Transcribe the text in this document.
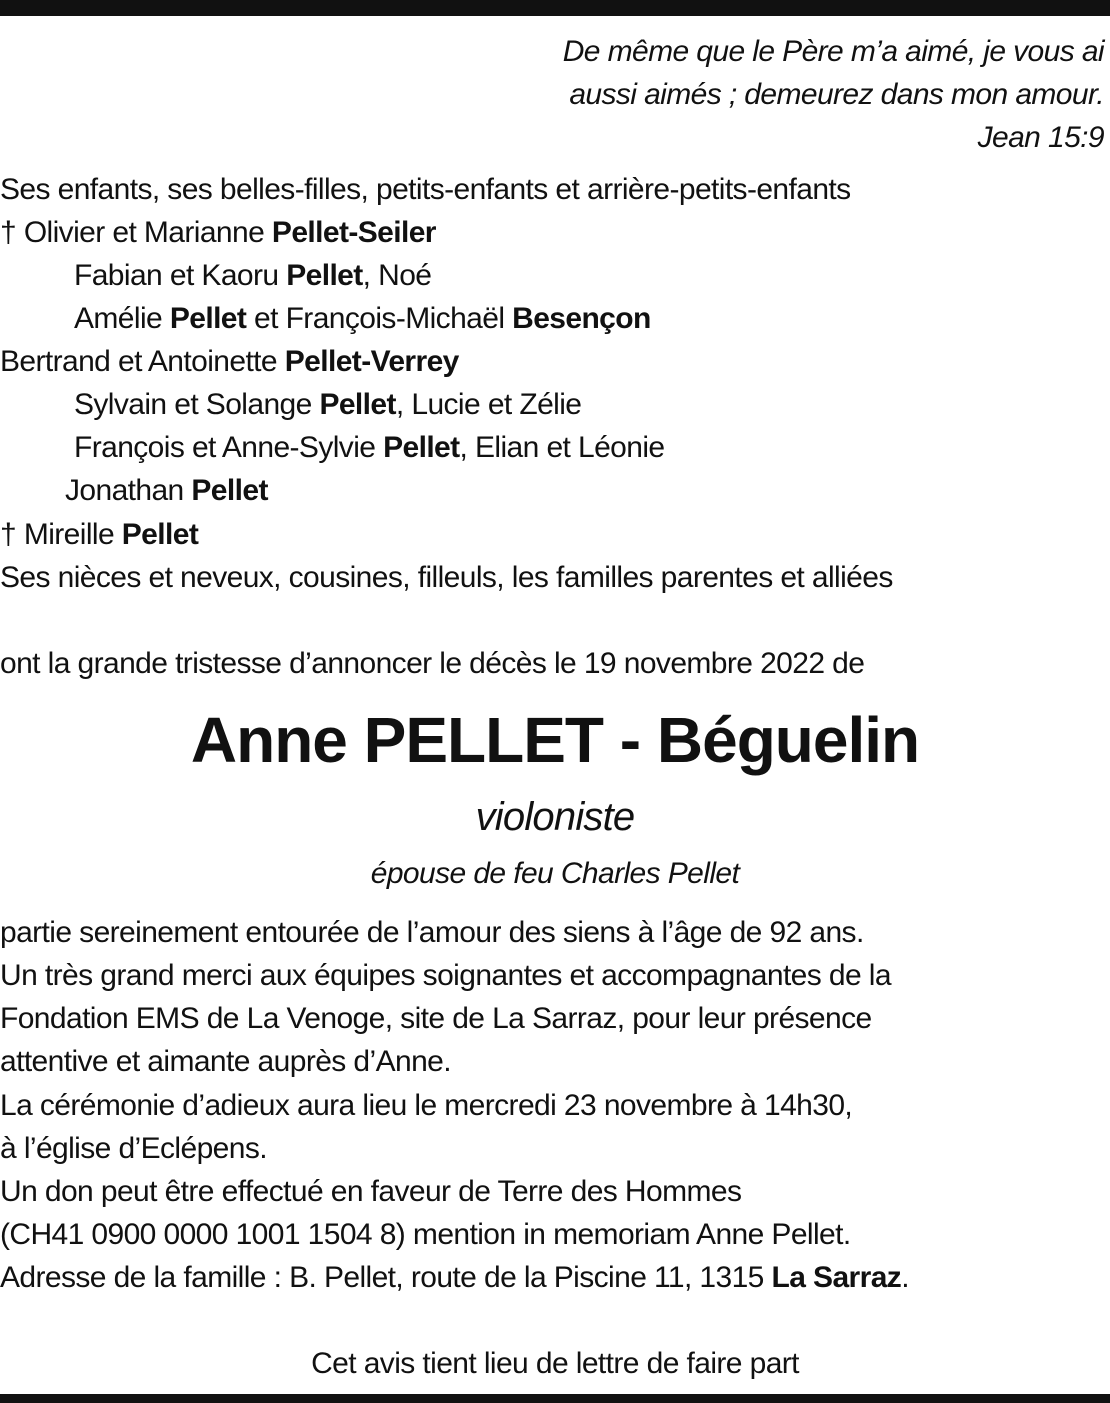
De même que le Père m’a aimé, je vous ai
aussi aimés ; demeurez dans mon amour.
Jean 15:9
Ses enfants, ses belles-filles, petits-enfants et arrière-petits-enfants
† Olivier et Marianne Pellet-Seiler
Fabian et Kaoru Pellet, Noé
Amélie Pellet et François-Michaël Besençon
Bertrand et Antoinette Pellet-Verrey
Sylvain et Solange Pellet, Lucie et Zélie
François et Anne-Sylvie Pellet, Elian et Léonie
Jonathan Pellet
† Mireille Pellet
Ses nièces et neveux, cousines, filleuls, les familles parentes et alliées
ont la grande tristesse d’annoncer le décès le 19 novembre 2022 de
Anne PELLET - Béguelin
violoniste
épouse de feu Charles Pellet
partie sereinement entourée de l’amour des siens à l’âge de 92 ans.
Un très grand merci aux équipes soignantes et accompagnantes de la
Fondation EMS de La Venoge, site de La Sarraz, pour leur présence
attentive et aimante auprès d’Anne.
La cérémonie d’adieux aura lieu le mercredi 23 novembre à 14h30,
à l’église d’Eclépens.
Un don peut être effectué en faveur de Terre des Hommes
(CH41 0900 0000 1001 1504 8) mention in memoriam Anne Pellet.
Adresse de la famille : B. Pellet, route de la Piscine 11, 1315 La Sarraz.
Cet avis tient lieu de lettre de faire part
